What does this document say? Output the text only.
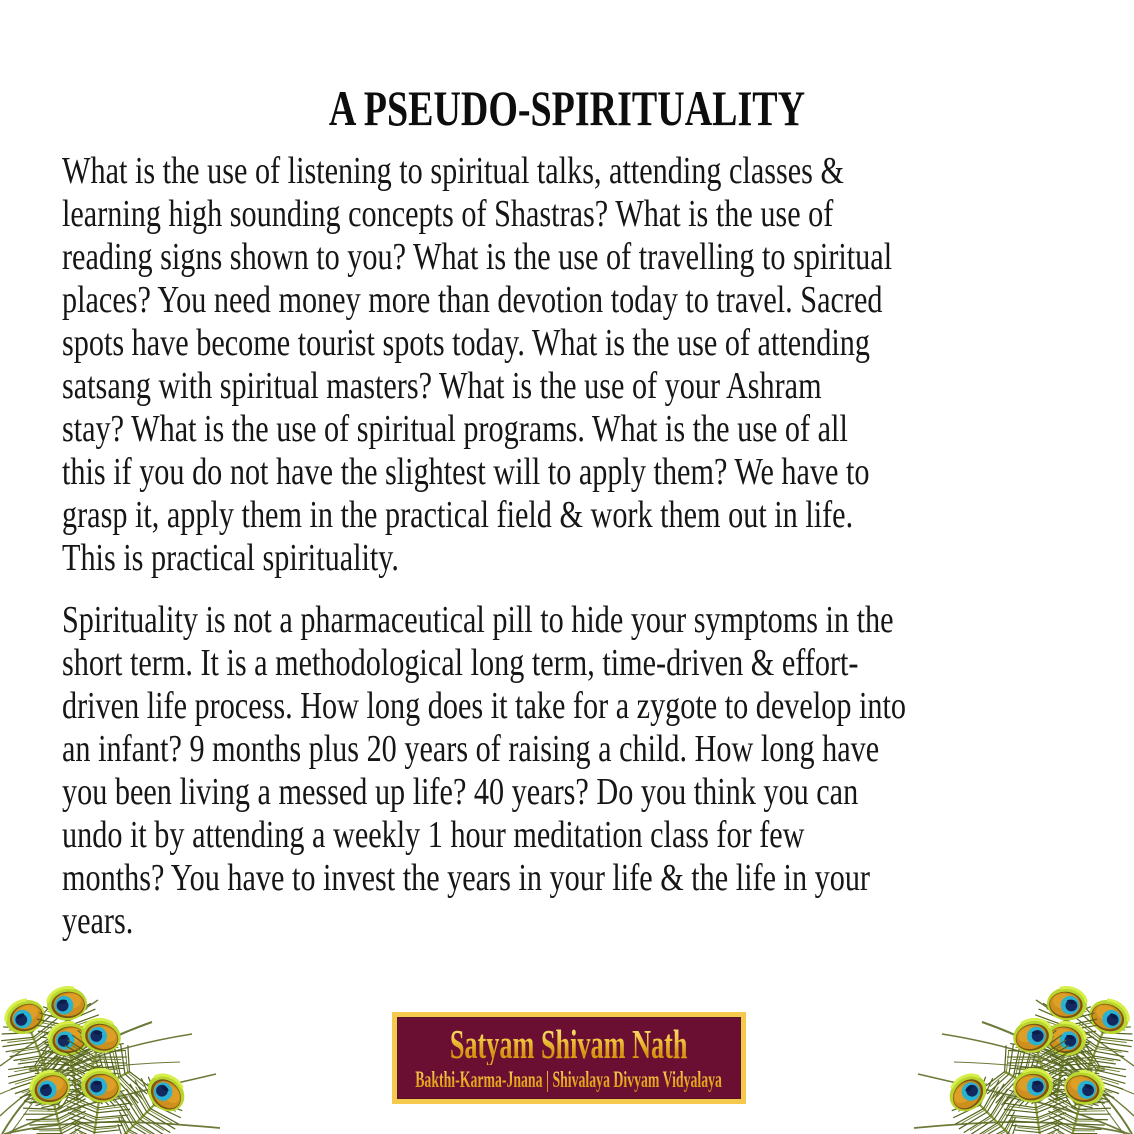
A PSEUDO-SPIRITUALITY
What is the use of listening to spiritual talks, attending classes &
learning high sounding concepts of Shastras? What is the use of
reading signs shown to you? What is the use of travelling to spiritual
places? You need money more than devotion today to travel. Sacred
spots have become tourist spots today. What is the use of attending
satsang with spiritual masters? What is the use of your Ashram
stay? What is the use of spiritual programs. What is the use of all
this if you do not have the slightest will to apply them? We have to
grasp it, apply them in the practical field & work them out in life.
This is practical spirituality.
Spirituality is not a pharmaceutical pill to hide your symptoms in the
short term. It is a methodological long term, time-driven & effort-
driven life process. How long does it take for a zygote to develop into
an infant? 9 months plus 20 years of raising a child. How long have
you been living a messed up life? 40 years? Do you think you can
undo it by attending a weekly 1 hour meditation class for few
months? You have to invest the years in your life & the life in your
years.
Satyam Shivam Nath
Bakthi-Karma-Jnana | Shivalaya Divyam Vidyalaya
